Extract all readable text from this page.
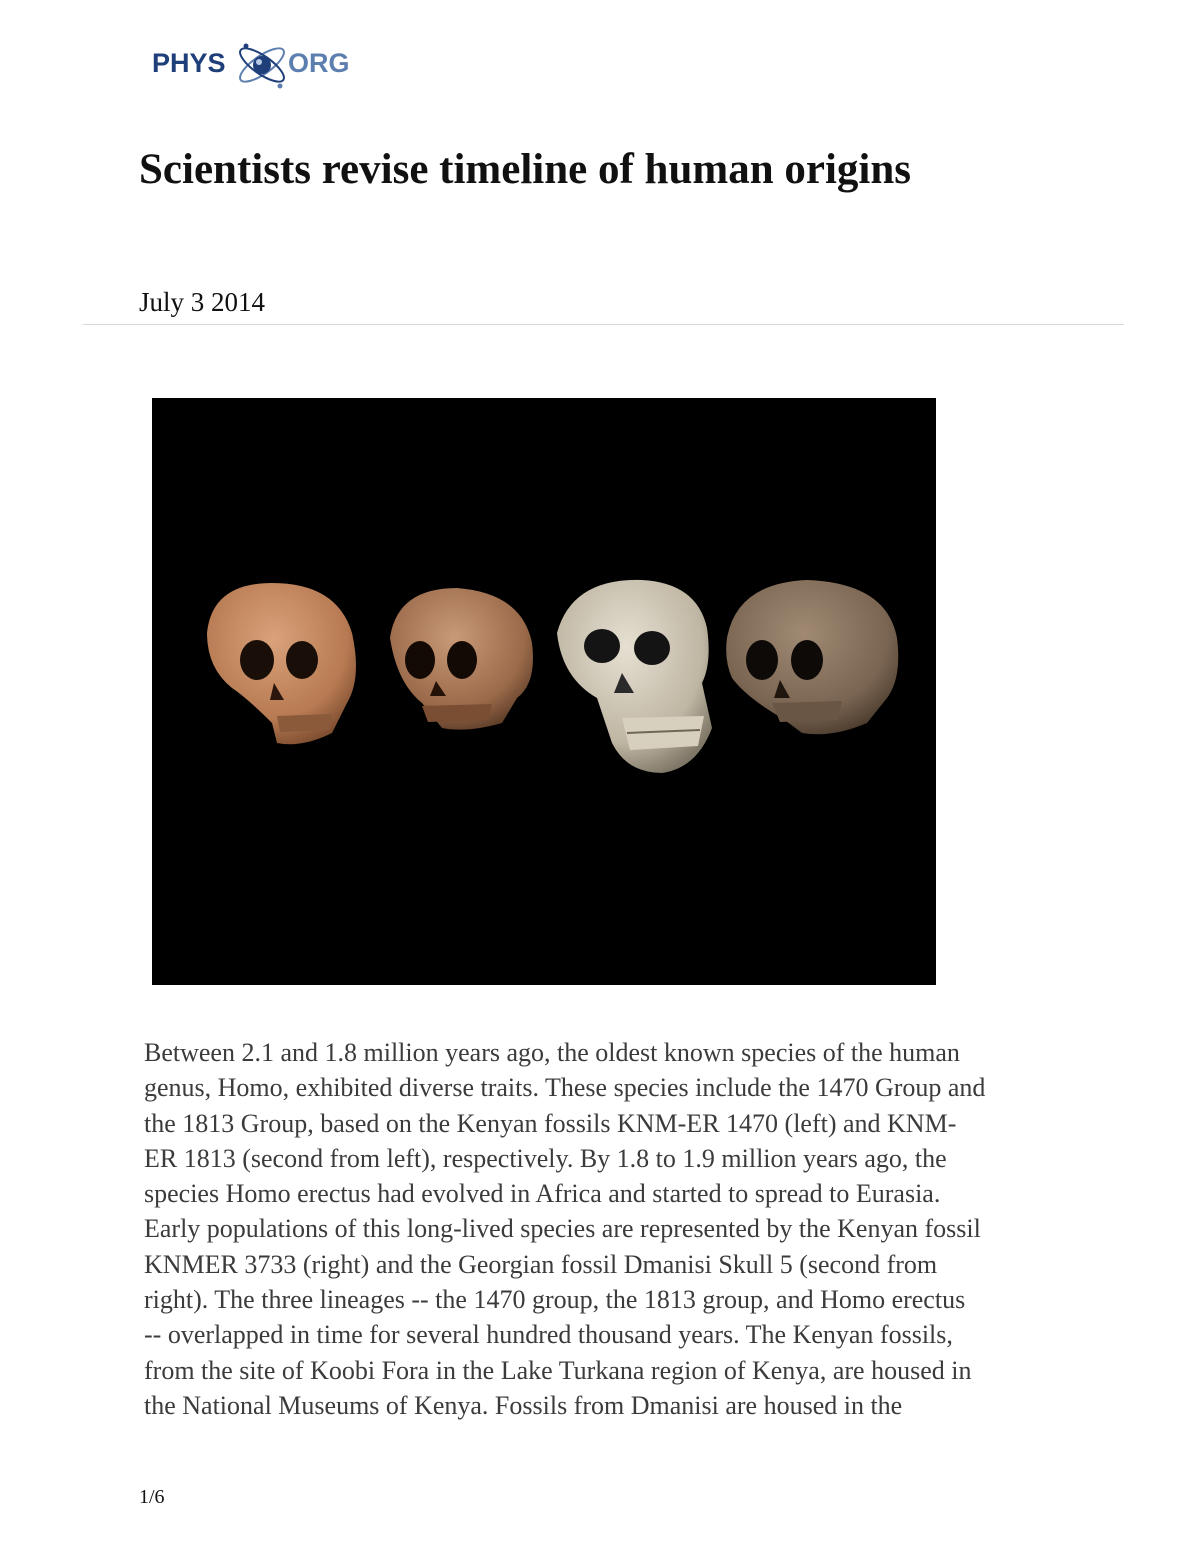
PHYS ORG
Scientists revise timeline of human origins
July 3 2014

Between 2.1 and 1.8 million years ago, the oldest known species of the human
genus, Homo, exhibited diverse traits. These species include the 1470 Group and
the 1813 Group, based on the Kenyan fossils KNM-ER 1470 (left) and KNM-
ER 1813 (second from left), respectively. By 1.8 to 1.9 million years ago, the
species Homo erectus had evolved in Africa and started to spread to Eurasia.
Early populations of this long-lived species are represented by the Kenyan fossil
KNMER 3733 (right) and the Georgian fossil Dmanisi Skull 5 (second from
right). The three lineages -- the 1470 group, the 1813 group, and Homo erectus
-- overlapped in time for several hundred thousand years. The Kenyan fossils,
from the site of Koobi Fora in the Lake Turkana region of Kenya, are housed in
the National Museums of Kenya. Fossils from Dmanisi are housed in the

1/6
